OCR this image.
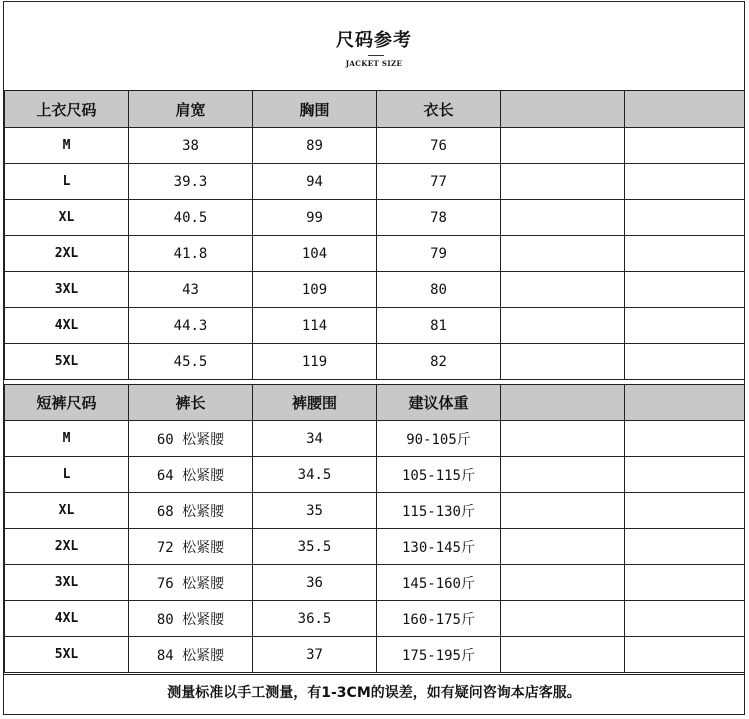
尺码参考
JACKET SIZE
上衣尺码	肩宽	胸围	衣长		
M	38	89	76		
L	39.3	94	77		
XL	40.5	99	78		
2XL	41.8	104	79		
3XL	43	109	80		
4XL	44.3	114	81		
5XL	45.5	119	82		
短裤尺码	裤长	裤腰围	建议体重		
M	60 松紧腰	34	90-105斤		
L	64 松紧腰	34.5	105-115斤		
XL	68 松紧腰	35	115-130斤		
2XL	72 松紧腰	35.5	130-145斤		
3XL	76 松紧腰	36	145-160斤		
4XL	80 松紧腰	36.5	160-175斤		
5XL	84 松紧腰	37	175-195斤		
测量标准以手工测量，有1-3CM的误差，如有疑问咨询本店客服。
